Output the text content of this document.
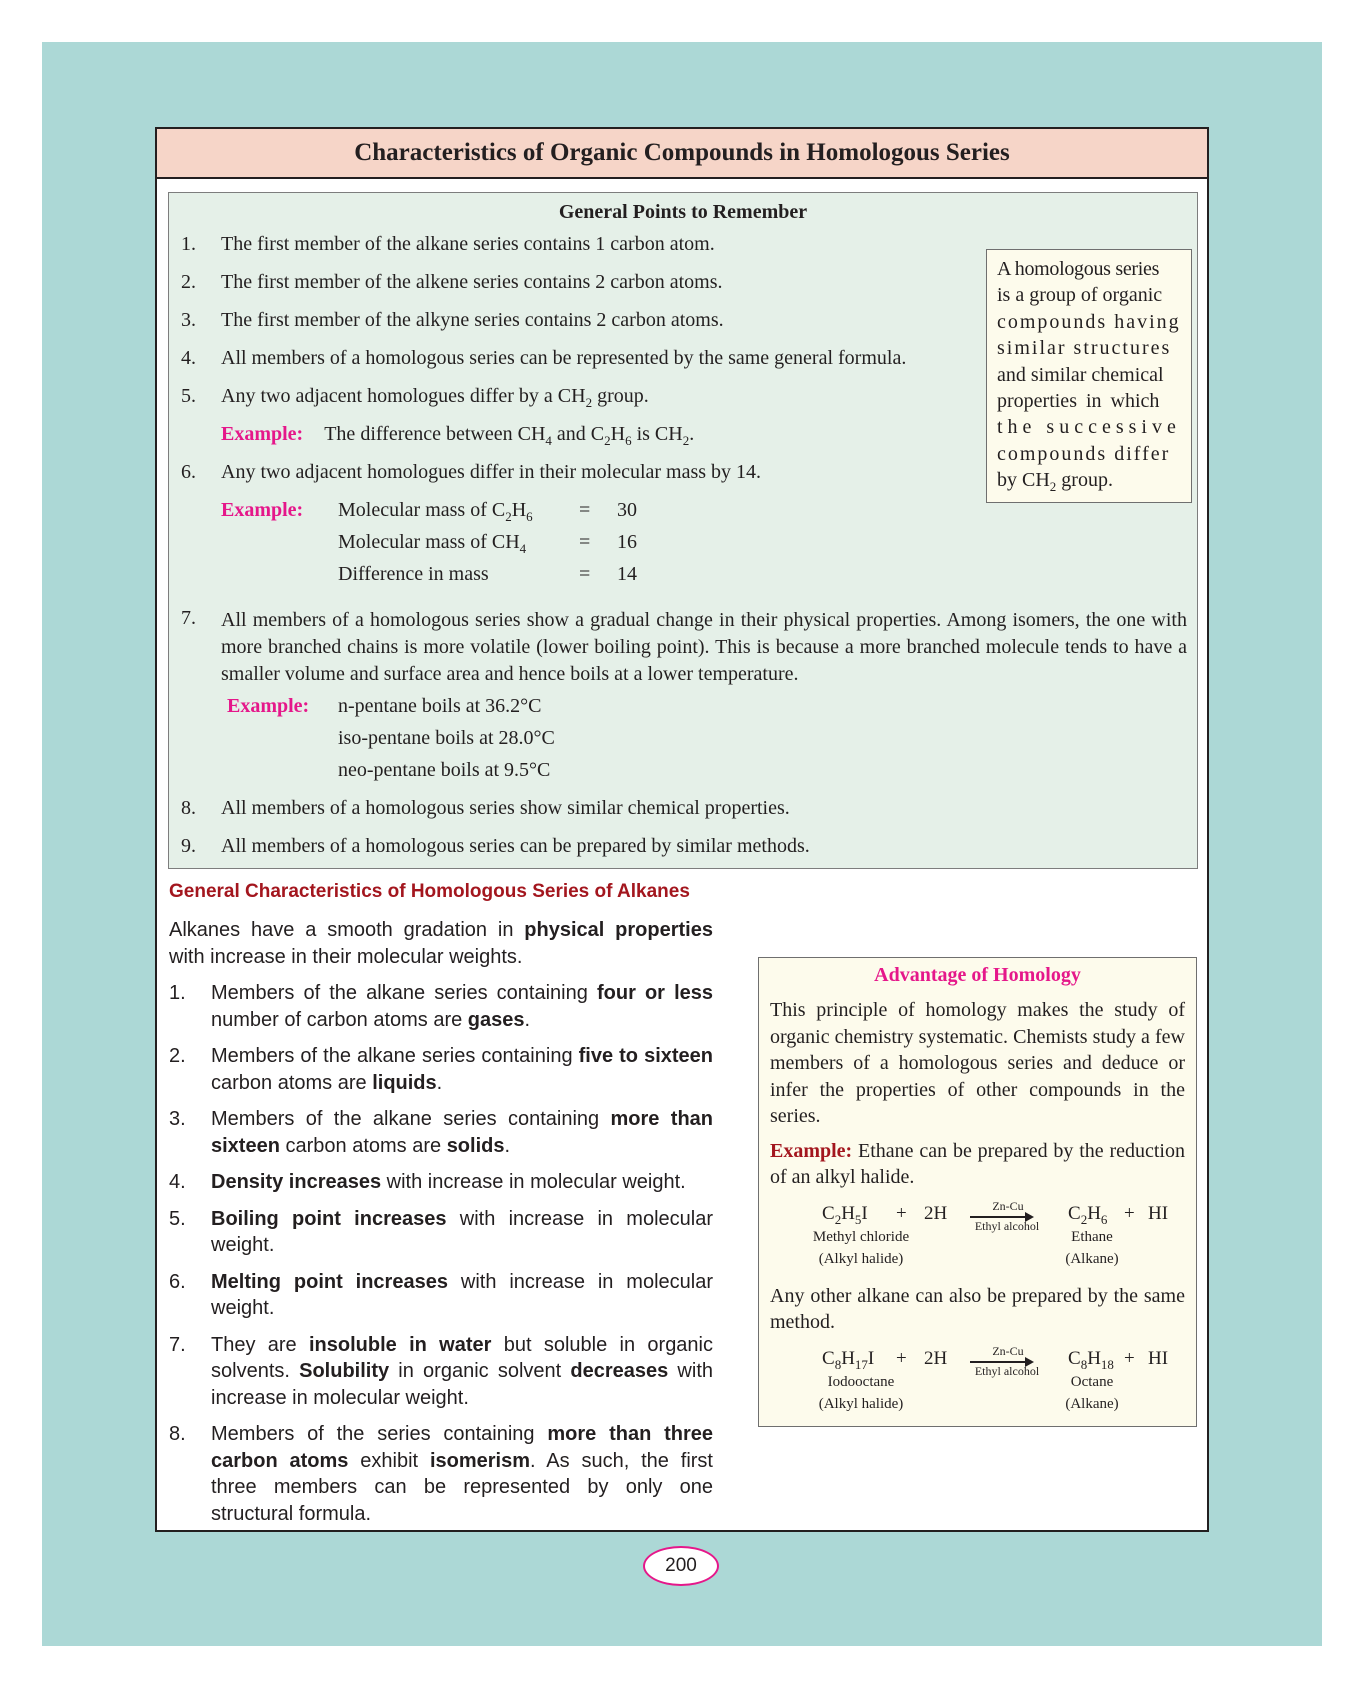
Characteristics of Organic Compounds in Homologous Series
General Points to Remember
1. The first member of the alkane series contains 1 carbon atom.
2. The first member of the alkene series contains 2 carbon atoms.
3. The first member of the alkyne series contains 2 carbon atoms.
4. All members of a homologous series can be represented by the same general formula.
5. Any two adjacent homologues differ by a $CH_2$ group.
Example: The difference between $CH_4$ and $C_2H_6$ is $CH_2$.
6. Any two adjacent homologues differ in their molecular mass by 14.
Example: Molecular mass of $C_2H_6 = 30$
Molecular mass of $CH_4$	= 16
Difference in mass	= 14
7. All members of a homologous series show a gradual change in their physical properties. Among isomers, the one with more branched chains is more volatile (lower boiling point). This is because a more branched molecule tends to have a smaller volume and surface area and hence boils at a lower temperature.
Example: n-pentane boils at 36.2°C
iso-pentane boils at 28.0°C
neo-pentane boils at 9.5°C
8. All members of a homologous series show similar chemical properties.
9. All members of a homologous series can be prepared by similar methods.
A homologous series
is a group of organic
compounds having
similar structures
and similar chemical
properties in which
the successive
compounds differ
by $CH_2$ group.
General Characteristics of Homologous Series of Alkanes

Alkanes have a smooth gradation in physical properties with increase in their molecular weights.

1. Members of the alkane series containing four or less number of carbon atoms are gases.
2. Members of the alkane series containing five to sixteen carbon atoms are liquids.
3. Members of the alkane series containing more than sixteen carbon atoms are solids.
4. Density increases with increase in molecular weight.
5. Boiling point increases with increase in molecular weight.
6. Melting point increases with increase in molecular weight.
7. They are insoluble in water but soluble in organic solvents. Solubility in organic solvent decreases with increase in molecular weight.
8. Members of the series containing more than three carbon atoms exhibit isomerism. As such, the first three members can be represented by only one structural formula.
Advantage of Homology

This principle of homology makes the study of organic chemistry systematic. Chemists study a few members of a homologous series and deduce or infer the properties of other compounds in the series.

Example: Ethane can be prepared by the reduction of an alkyl halide.

$C_2H_5I + 2H$	Zn-Cu
Ethyl alcohol
$C_2H_6$ + HI
Methyl chloride
(Alkyl halide)
Ethane
(Alkane)

Any other alkane can also be prepared by the same method.

$C_8H_{17}I + 2H$	Zn-Cu
Ethyl alcohol
$C_8H_{18}$ + HI
Iodooctane
(Alkyl halide)
Octane
(Alkane)
200
